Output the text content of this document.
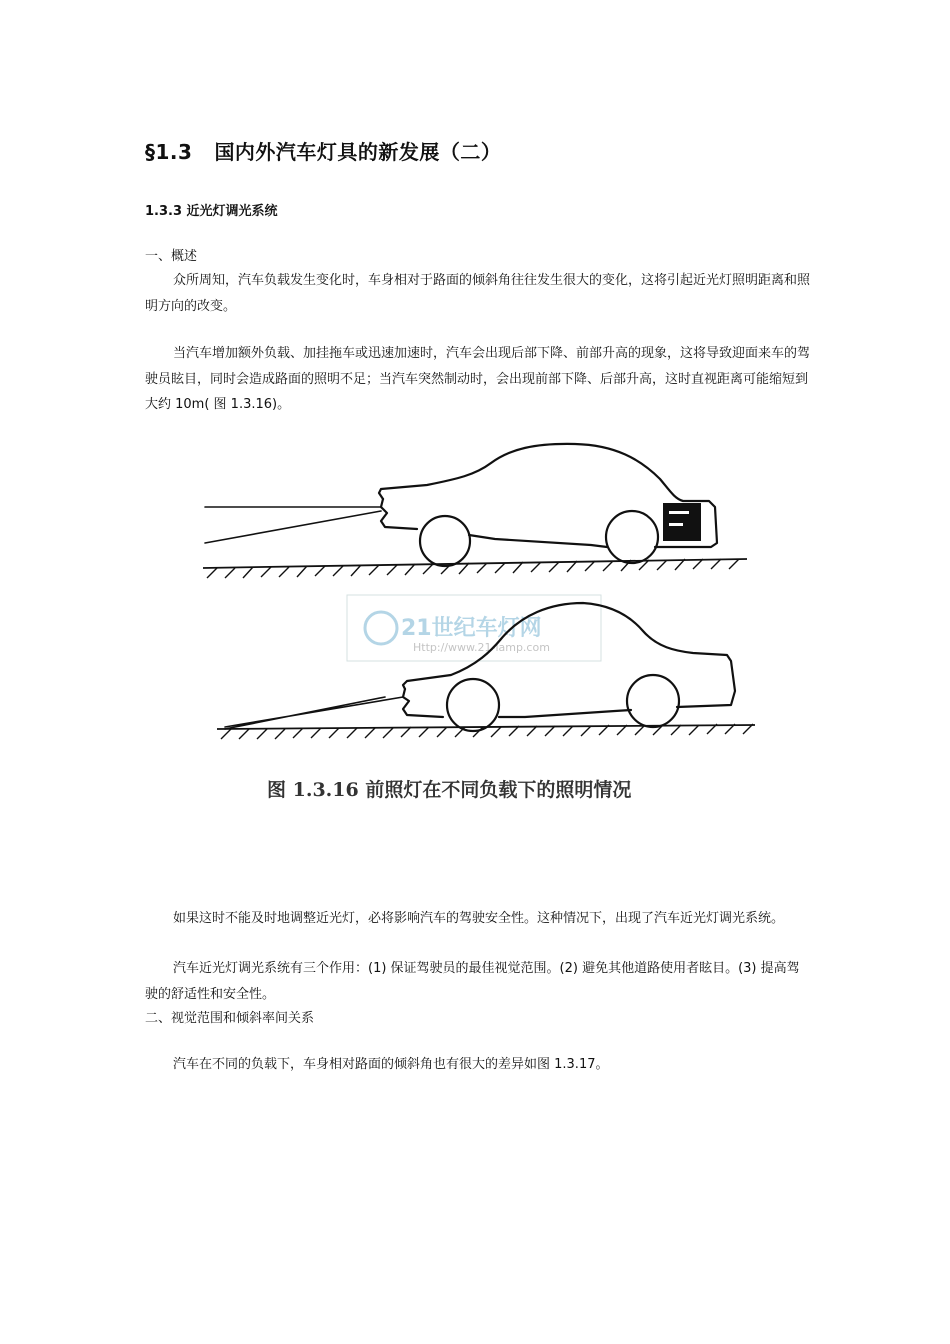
§1.3 国内外汽车灯具的新发展（二）
1.3.3 近光灯调光系统
一、概述
众所周知，汽车负载发生变化时，车身相对于路面的倾斜角往往发生很大的变化，这将引起近光灯照明距离和照明方向的改变。
当汽车增加额外负载、加挂拖车或迅速加速时，汽车会出现后部下降、前部升高的现象，这将导致迎面来车的驾驶员眩目，同时会造成路面的照明不足；当汽车突然制动时，会出现前部下降、后部升高，这时直视距离可能缩短到大约 10m( 图 1.3.16)。
21世纪车灯网
Http://www.21-lamp.com
图 1.3.16 前照灯在不同负载下的照明情况
如果这时不能及时地调整近光灯，必将影响汽车的驾驶安全性。这种情况下，出现了汽车近光灯调光系统。
汽车近光灯调光系统有三个作用：(1) 保证驾驶员的最佳视觉范围。(2) 避免其他道路使用者眩目。(3) 提高驾驶的舒适性和安全性。
二、视觉范围和倾斜率间关系
汽车在不同的负载下，车身相对路面的倾斜角也有很大的差异如图 1.3.17。
